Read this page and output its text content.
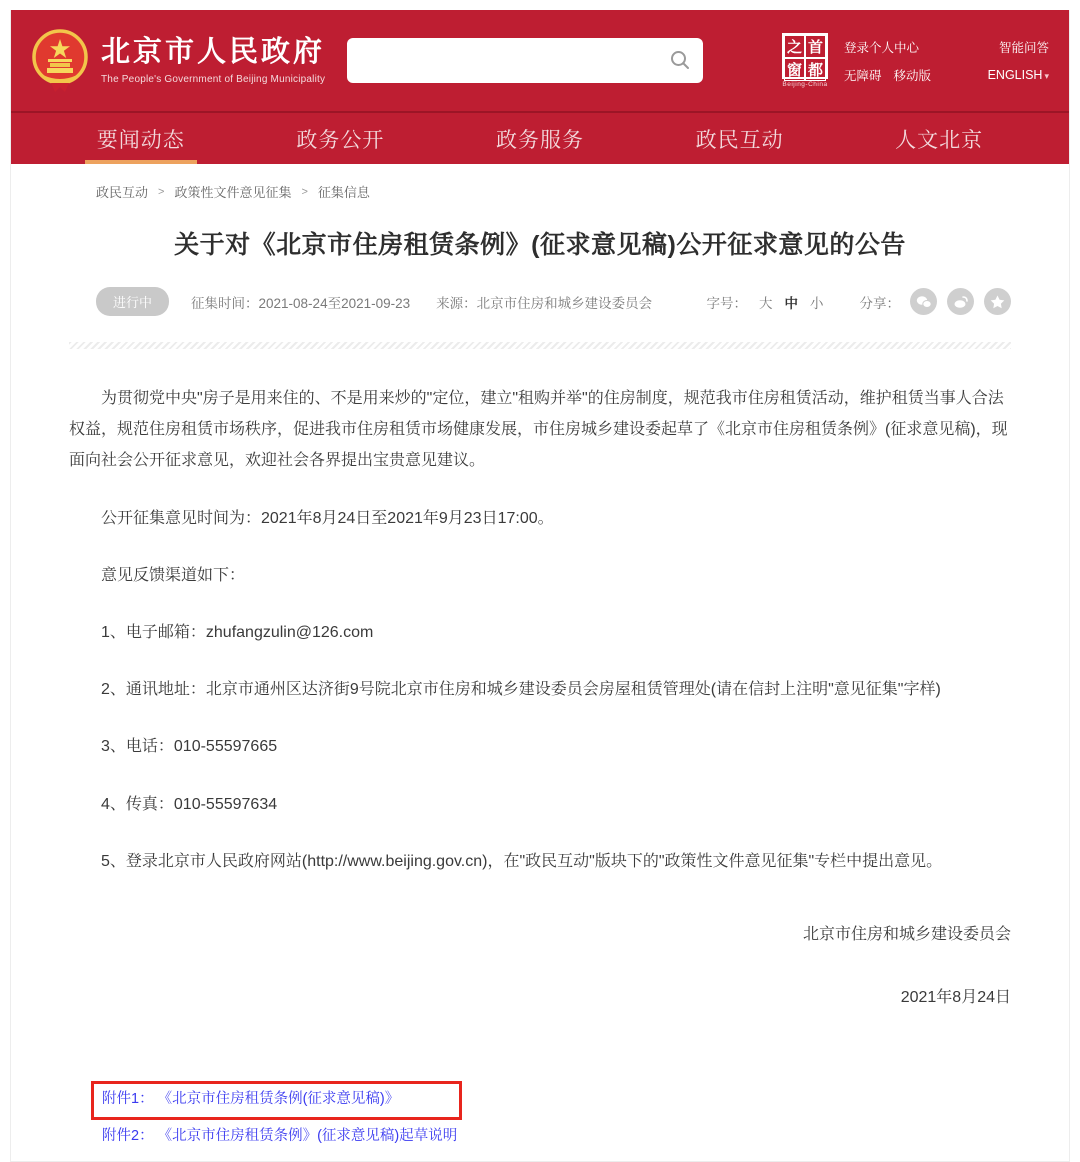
北京市人民政府
The People's Government of Beijing Municipality
之 首
窗 都
Beijing-China
登录个人中心	智能问答
无障碍 移动版	ENGLISH ▾
要闻动态	政务公开	政务服务	政民互动	人文北京
政民互动 > 政策性文件意见征集 > 征集信息
关于对《北京市住房租赁条例》(征求意见稿)公开征求意见的公告
进行中	征集时间：2021-08-24至2021-09-23 来源：北京市住房和城乡建设委员会	字号： 大 中 小	分享：

为贯彻党中央"房子是用来住的、不是用来炒的"定位，建立"租购并举"的住房制度，规范我市住房租赁活动，维护租赁当事人合法权益，规范住房租赁市场秩序，促进我市住房租赁市场健康发展，市住房城乡建设委起草了《北京市住房租赁条例》(征求意见稿)，现面向社会公开征求意见，欢迎社会各界提出宝贵意见建议。

公开征集意见时间为：2021年8月24日至2021年9月23日17:00。

意见反馈渠道如下：

1、电子邮箱：zhufangzulin@126.com

2、通讯地址：北京市通州区达济街9号院北京市住房和城乡建设委员会房屋租赁管理处(请在信封上注明"意见征集"字样)

3、电话：010-55597665

4、传真：010-55597634

5、登录北京市人民政府网站(http://www.beijing.gov.cn)，在"政民互动"版块下的"政策性文件意见征集"专栏中提出意见。

北京市住房和城乡建设委员会
2021年8月24日
附件1： 《北京市住房租赁条例(征求意见稿)》
附件2： 《北京市住房租赁条例》(征求意见稿)起草说明
